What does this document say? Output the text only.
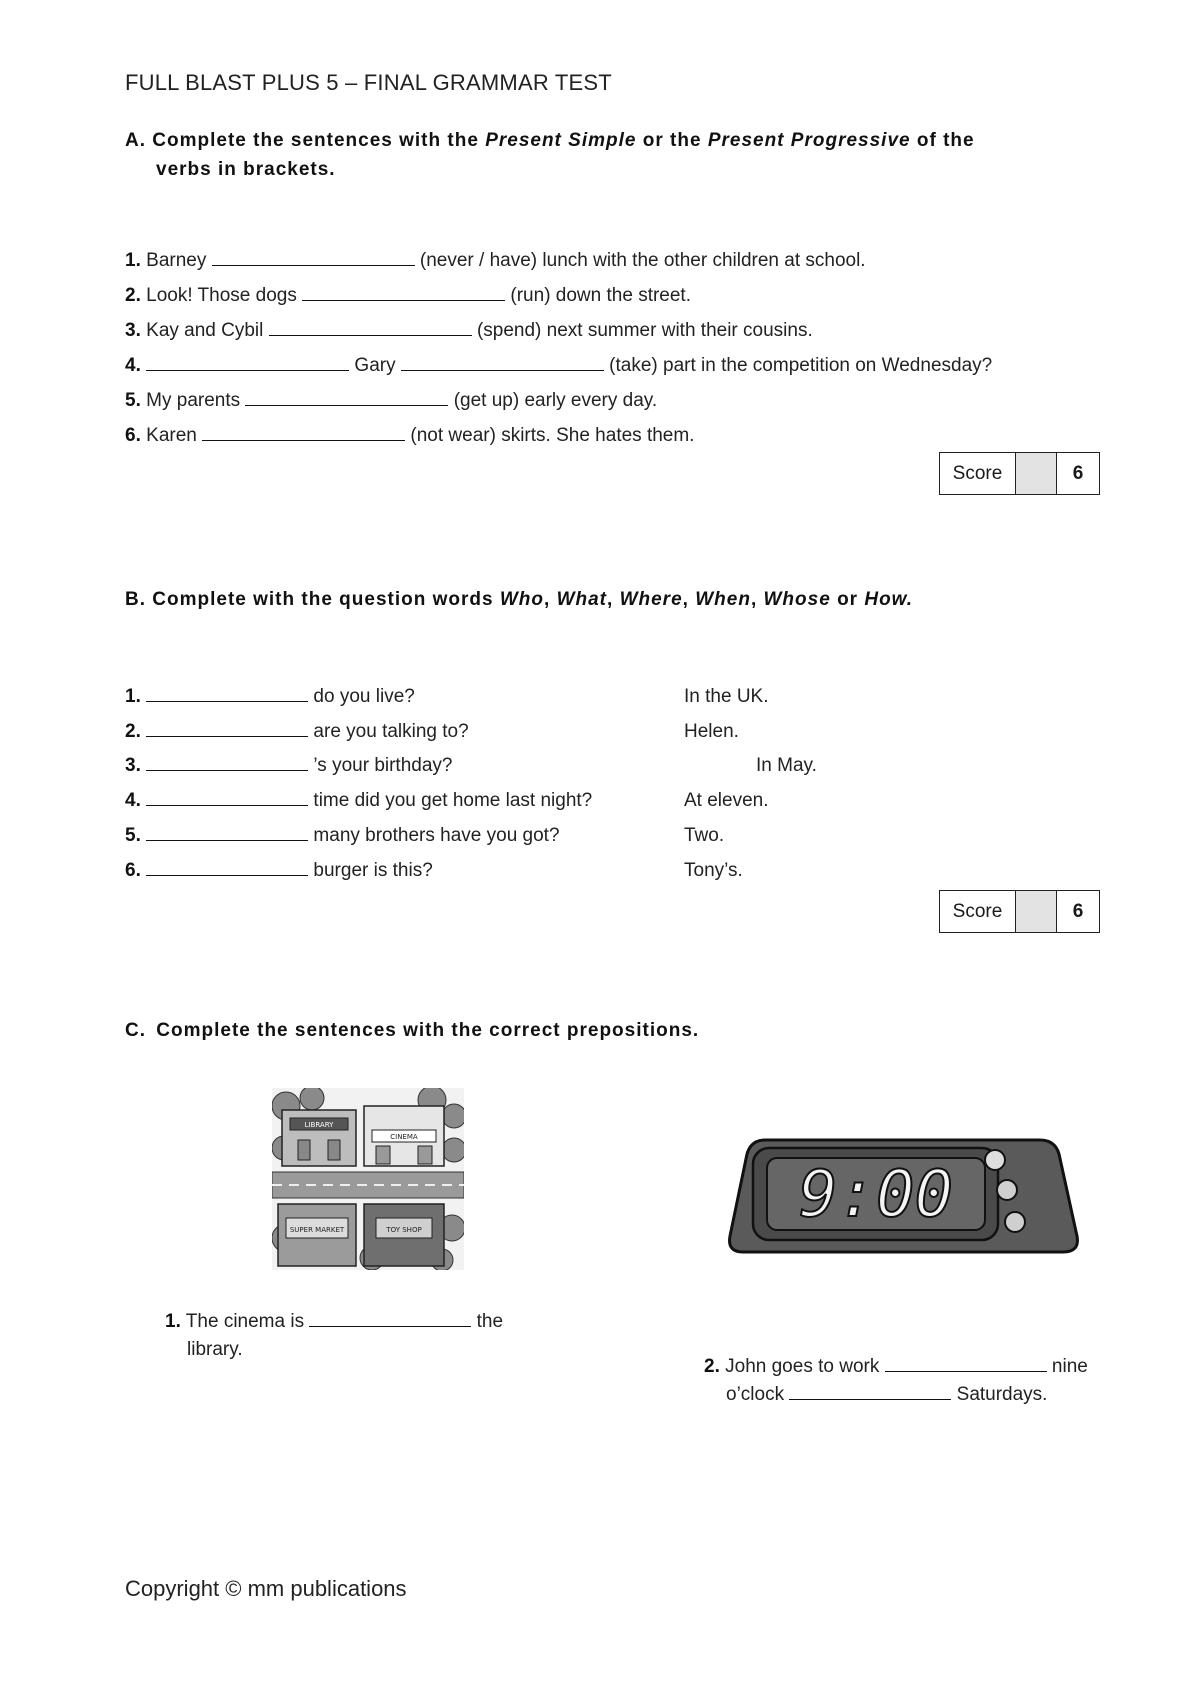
FULL BLAST PLUS 5 – FINAL GRAMMAR TEST
A. Complete the sentences with the Present Simple or the Present Progressive of the
verbs in brackets.
1. Barney	(never / have) lunch with the other children at school.
2. Look! Those dogs	(run) down the street.
3. Kay and Cybil	(spend) next summer with their cousins.
4.	Gary	(take) part in the competition on Wednesday?
5. My parents	(get up) early every day.
6. Karen	(not wear) skirts. She hates them.
Score	6
B. Complete with the question words Who, What, Where, When, Whose or How.
1.	do you live?	In the UK.
2.	are you talking to?	Helen.
3.	’s your birthday?	In May.
4.	time did you get home last night?	At eleven.
5.	many brothers have you got?	Two.
6.	burger is this?	Tony’s.
Score	6
C. Complete the sentences with the correct prepositions.
LIBRARY
CINEMA
SUPER MARKET	TOY SHOP	9:00
1. The cinema is	the
library.
2. John goes to work	nine
o’clock	Saturdays.
Copyright © mm publications
